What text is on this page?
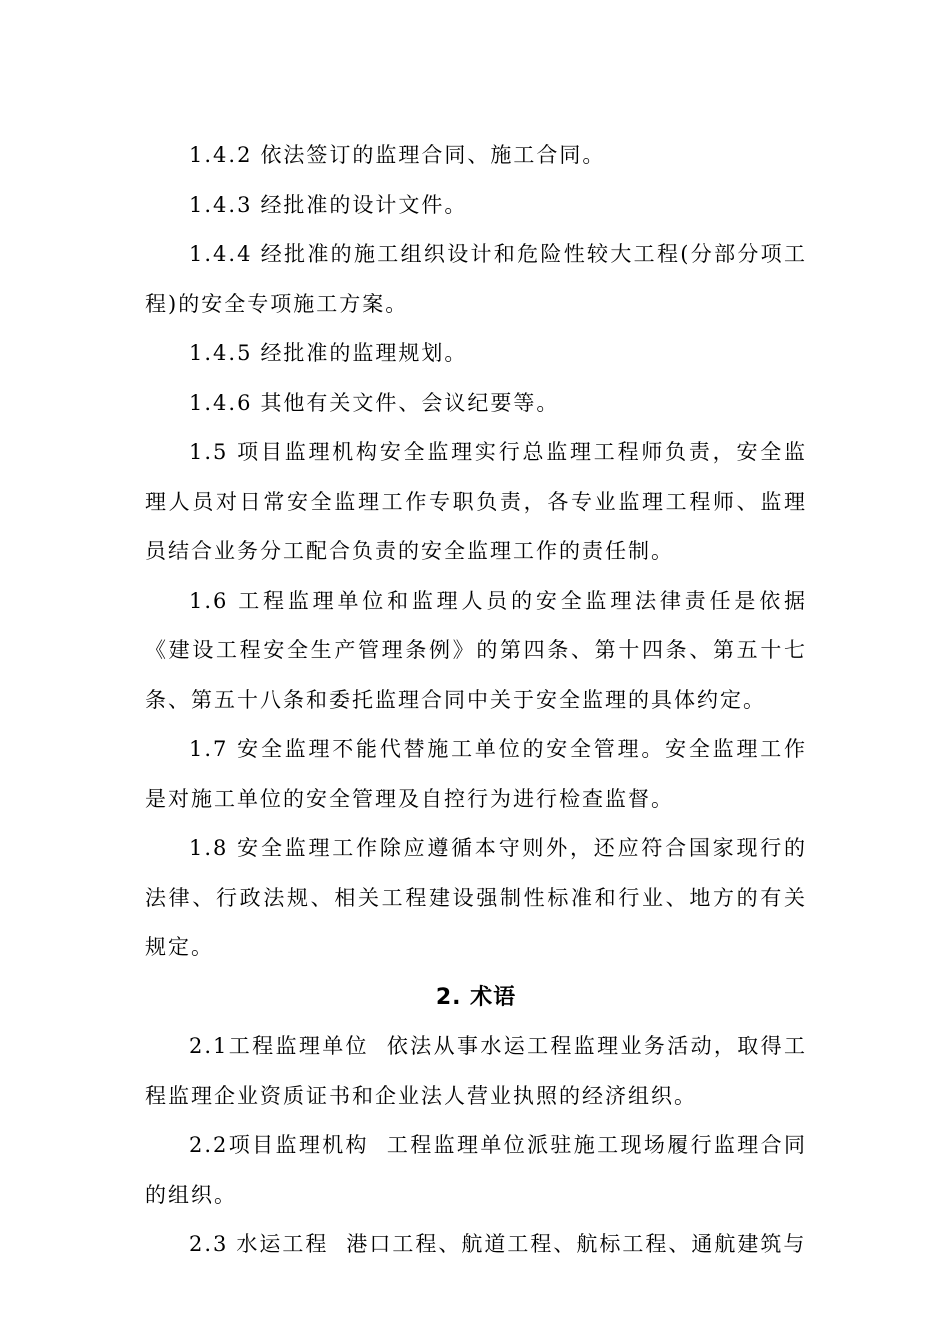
1.4.2 依法签订的监理合同、施工合同。

1.4.3 经批准的设计文件。

1.4.4 经批准的施工组织设计和危险性较大工程(分部分项工程)的安全专项施工方案。

1.4.5 经批准的监理规划。

1.4.6 其他有关文件、会议纪要等。

1.5 项目监理机构安全监理实行总监理工程师负责，安全监理人员对日常安全监理工作专职负责，各专业监理工程师、监理员结合业务分工配合负责的安全监理工作的责任制。

1.6 工程监理单位和监理人员的安全监理法律责任是依据《建设工程安全生产管理条例》的第四条、第十四条、第五十七条、第五十八条和委托监理合同中关于安全监理的具体约定。

1.7 安全监理不能代替施工单位的安全管理。安全监理工作是对施工单位的安全管理及自控行为进行检查监督。

1.8 安全监理工作除应遵循本守则外，还应符合国家现行的法律、行政法规、相关工程建设强制性标准和行业、地方的有关规定。

2. 术语

2.1工程监理单位 依法从事水运工程监理业务活动，取得工程监理企业资质证书和企业法人营业执照的经济组织。

2.2项目监理机构 工程监理单位派驻施工现场履行监理合同的组织。

2.3 水运工程 港口工程、航道工程、航标工程、通航建筑与
